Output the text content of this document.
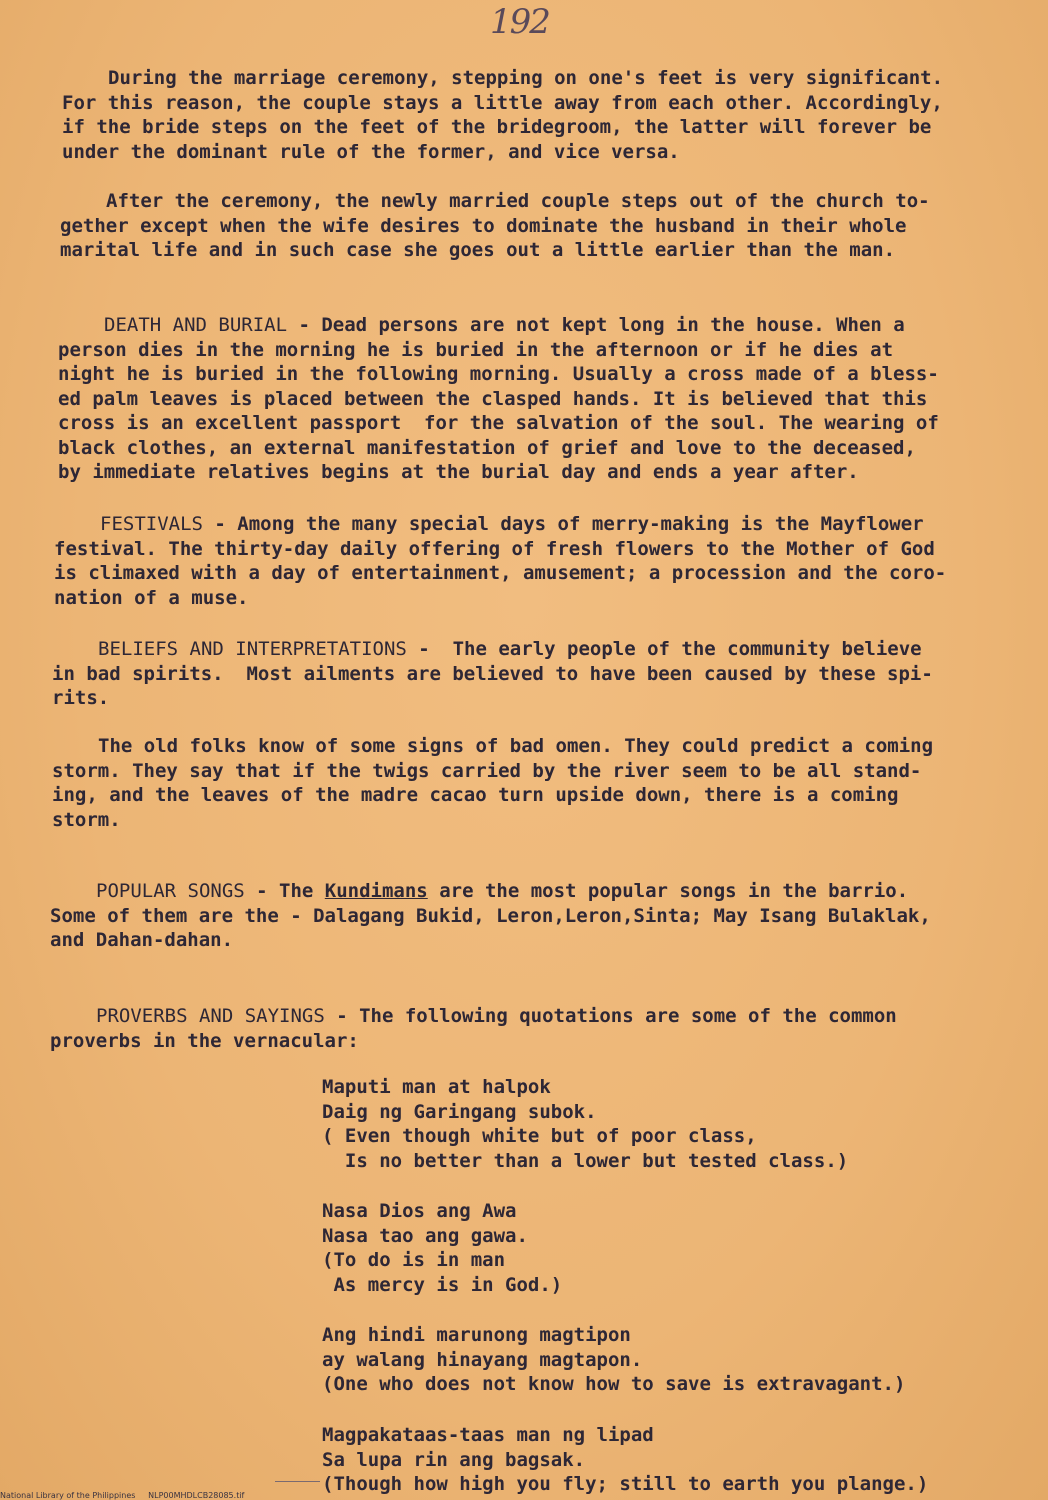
192

During the marriage ceremony, stepping on one's feet is very significant.
For this reason, the couple stays a little away from each other. Accordingly,
if the bride steps on the feet of the bridegroom, the latter will forever be
under the dominant rule of the former, and vice versa.

After the ceremony, the newly married couple steps out of the church to-
gether except when the wife desires to dominate the husband in their whole
marital life and in such case she goes out a little earlier than the man.

DEATH AND BURIAL - Dead persons are not kept long in the house. When a
person dies in the morning he is buried in the afternoon or if he dies at
night he is buried in the following morning. Usually a cross made of a bless-
ed palm leaves is placed between the clasped hands. It is believed that this
cross is an excellent passport  for the salvation of the soul. The wearing of
black clothes, an external manifestation of grief and love to the deceased,
by immediate relatives begins at the burial day and ends a year after.

FESTIVALS - Among the many special days of merry-making is the Mayflower
festival. The thirty-day daily offering of fresh flowers to the Mother of God
is climaxed with a day of entertainment, amusement; a procession and the coro-
nation of a muse.

BELIEFS AND INTERPRETATIONS -  The early people of the community believe
in bad spirits.  Most ailments are believed to have been caused by these spi-
rits.

The old folks know of some signs of bad omen. They could predict a coming
storm. They say that if the twigs carried by the river seem to be all stand-
ing, and the leaves of the madre cacao turn upside down, there is a coming
storm.

POPULAR SONGS - The Kundimans are the most popular songs in the barrio.
Some of them are the - Dalagang Bukid, Leron,Leron,Sinta; May Isang Bulaklak,
and Dahan-dahan.

PROVERBS AND SAYINGS - The following quotations are some of the common
proverbs in the vernacular:

Maputi man at halpok
Daig ng Garingang subok.
( Even though white but of poor class,
Is no better than a lower but tested class.)

Nasa Dios ang Awa
Nasa tao ang gawa.
(To do is in man
As mercy is in God.)

Ang hindi marunong magtipon
ay walang hinayang magtapon.
(One who does not know how to save is extravagant.)

Magpakataas-taas man ng lipad
Sa lupa rin ang bagsak.
(Though how high you fly; still to earth you plange.)

National Library of the Philippines NLP00MHDLCB28085.tif
